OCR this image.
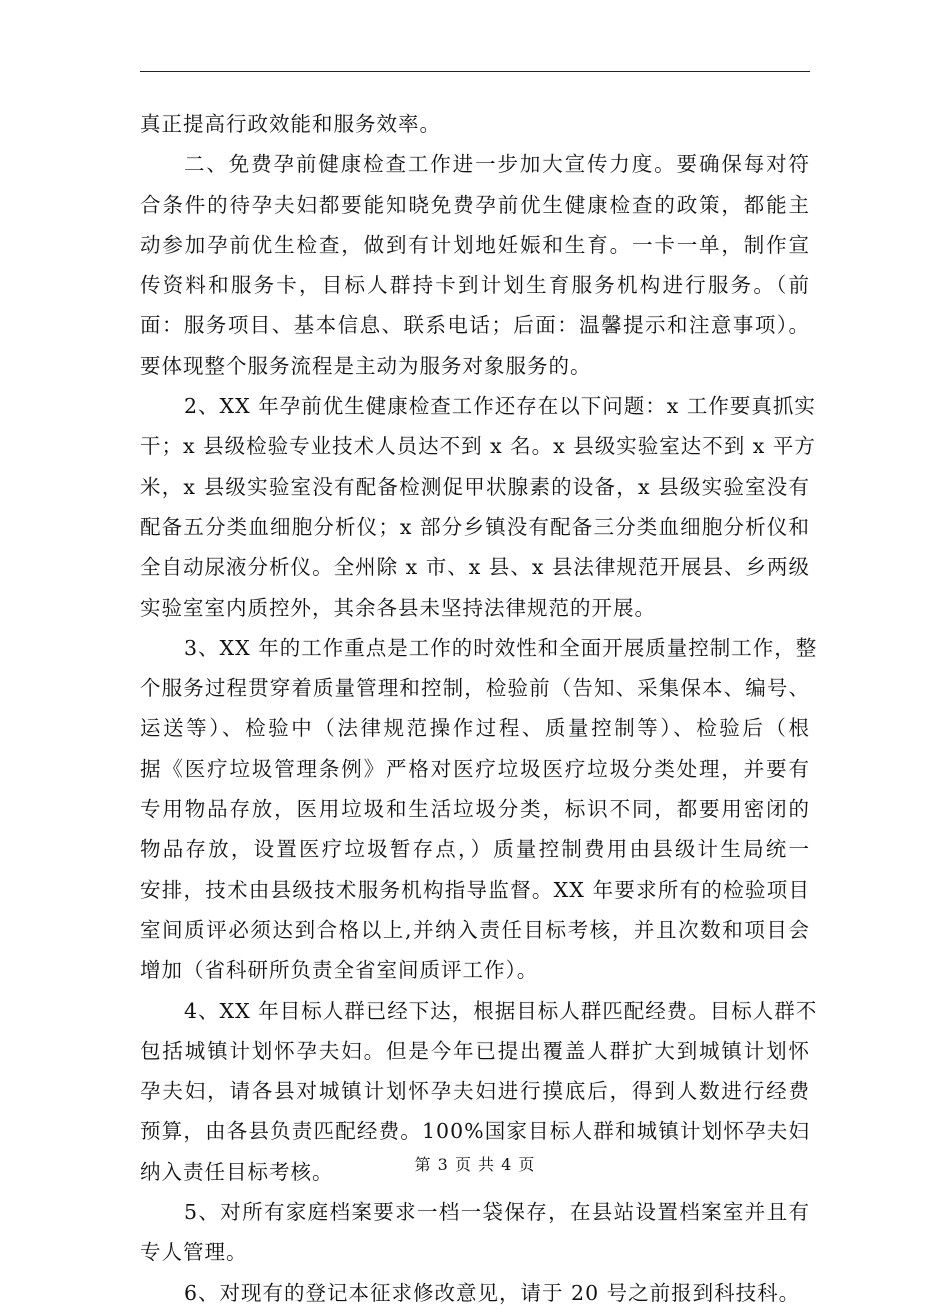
真正提高行政效能和服务效率。
二、免费孕前健康检查工作进一步加大宣传力度。要确保每对符
合条件的待孕夫妇都要能知晓免费孕前优生健康检查的政策，都能主
动参加孕前优生检查，做到有计划地妊娠和生育。一卡一单，制作宣
传资料和服务卡，目标人群持卡到计划生育服务机构进行服务。（前
面：服务项目、基本信息、联系电话；后面：温馨提示和注意事项）。
要体现整个服务流程是主动为服务对象服务的。
2、XX 年孕前优生健康检查工作还存在以下问题：x 工作要真抓实
干；x 县级检验专业技术人员达不到 x 名。x 县级实验室达不到 x 平方
米，x 县级实验室没有配备检测促甲状腺素的设备，x 县级实验室没有
配备五分类血细胞分析仪；x 部分乡镇没有配备三分类血细胞分析仪和
全自动尿液分析仪。全州除 x 市、x 县、x 县法律规范开展县、乡两级
实验室室内质控外，其余各县未坚持法律规范的开展。
3、XX 年的工作重点是工作的时效性和全面开展质量控制工作，整
个服务过程贯穿着质量管理和控制，检验前（告知、采集保本、编号、
运送等）、检验中（法律规范操作过程、质量控制等）、检验后（根
据《医疗垃圾管理条例》严格对医疗垃圾医疗垃圾分类处理，并要有
专用物品存放，医用垃圾和生活垃圾分类，标识不同，都要用密闭的
物品存放，设置医疗垃圾暂存点，）质量控制费用由县级计生局统一
安排，技术由县级技术服务机构指导监督。XX 年要求所有的检验项目
室间质评必须达到合格以上,并纳入责任目标考核，并且次数和项目会
增加（省科研所负责全省室间质评工作）。
4、XX 年目标人群已经下达，根据目标人群匹配经费。目标人群不
包括城镇计划怀孕夫妇。但是今年已提出覆盖人群扩大到城镇计划怀
孕夫妇，请各县对城镇计划怀孕夫妇进行摸底后，得到人数进行经费
预算，由各县负责匹配经费。100%国家目标人群和城镇计划怀孕夫妇
纳入责任目标考核。
5、对所有家庭档案要求一档一袋保存，在县站设置档案室并且有
专人管理。
6、对现有的登记本征求修改意见，请于 20 号之前报到科技科。
第 3 页 共 4 页
